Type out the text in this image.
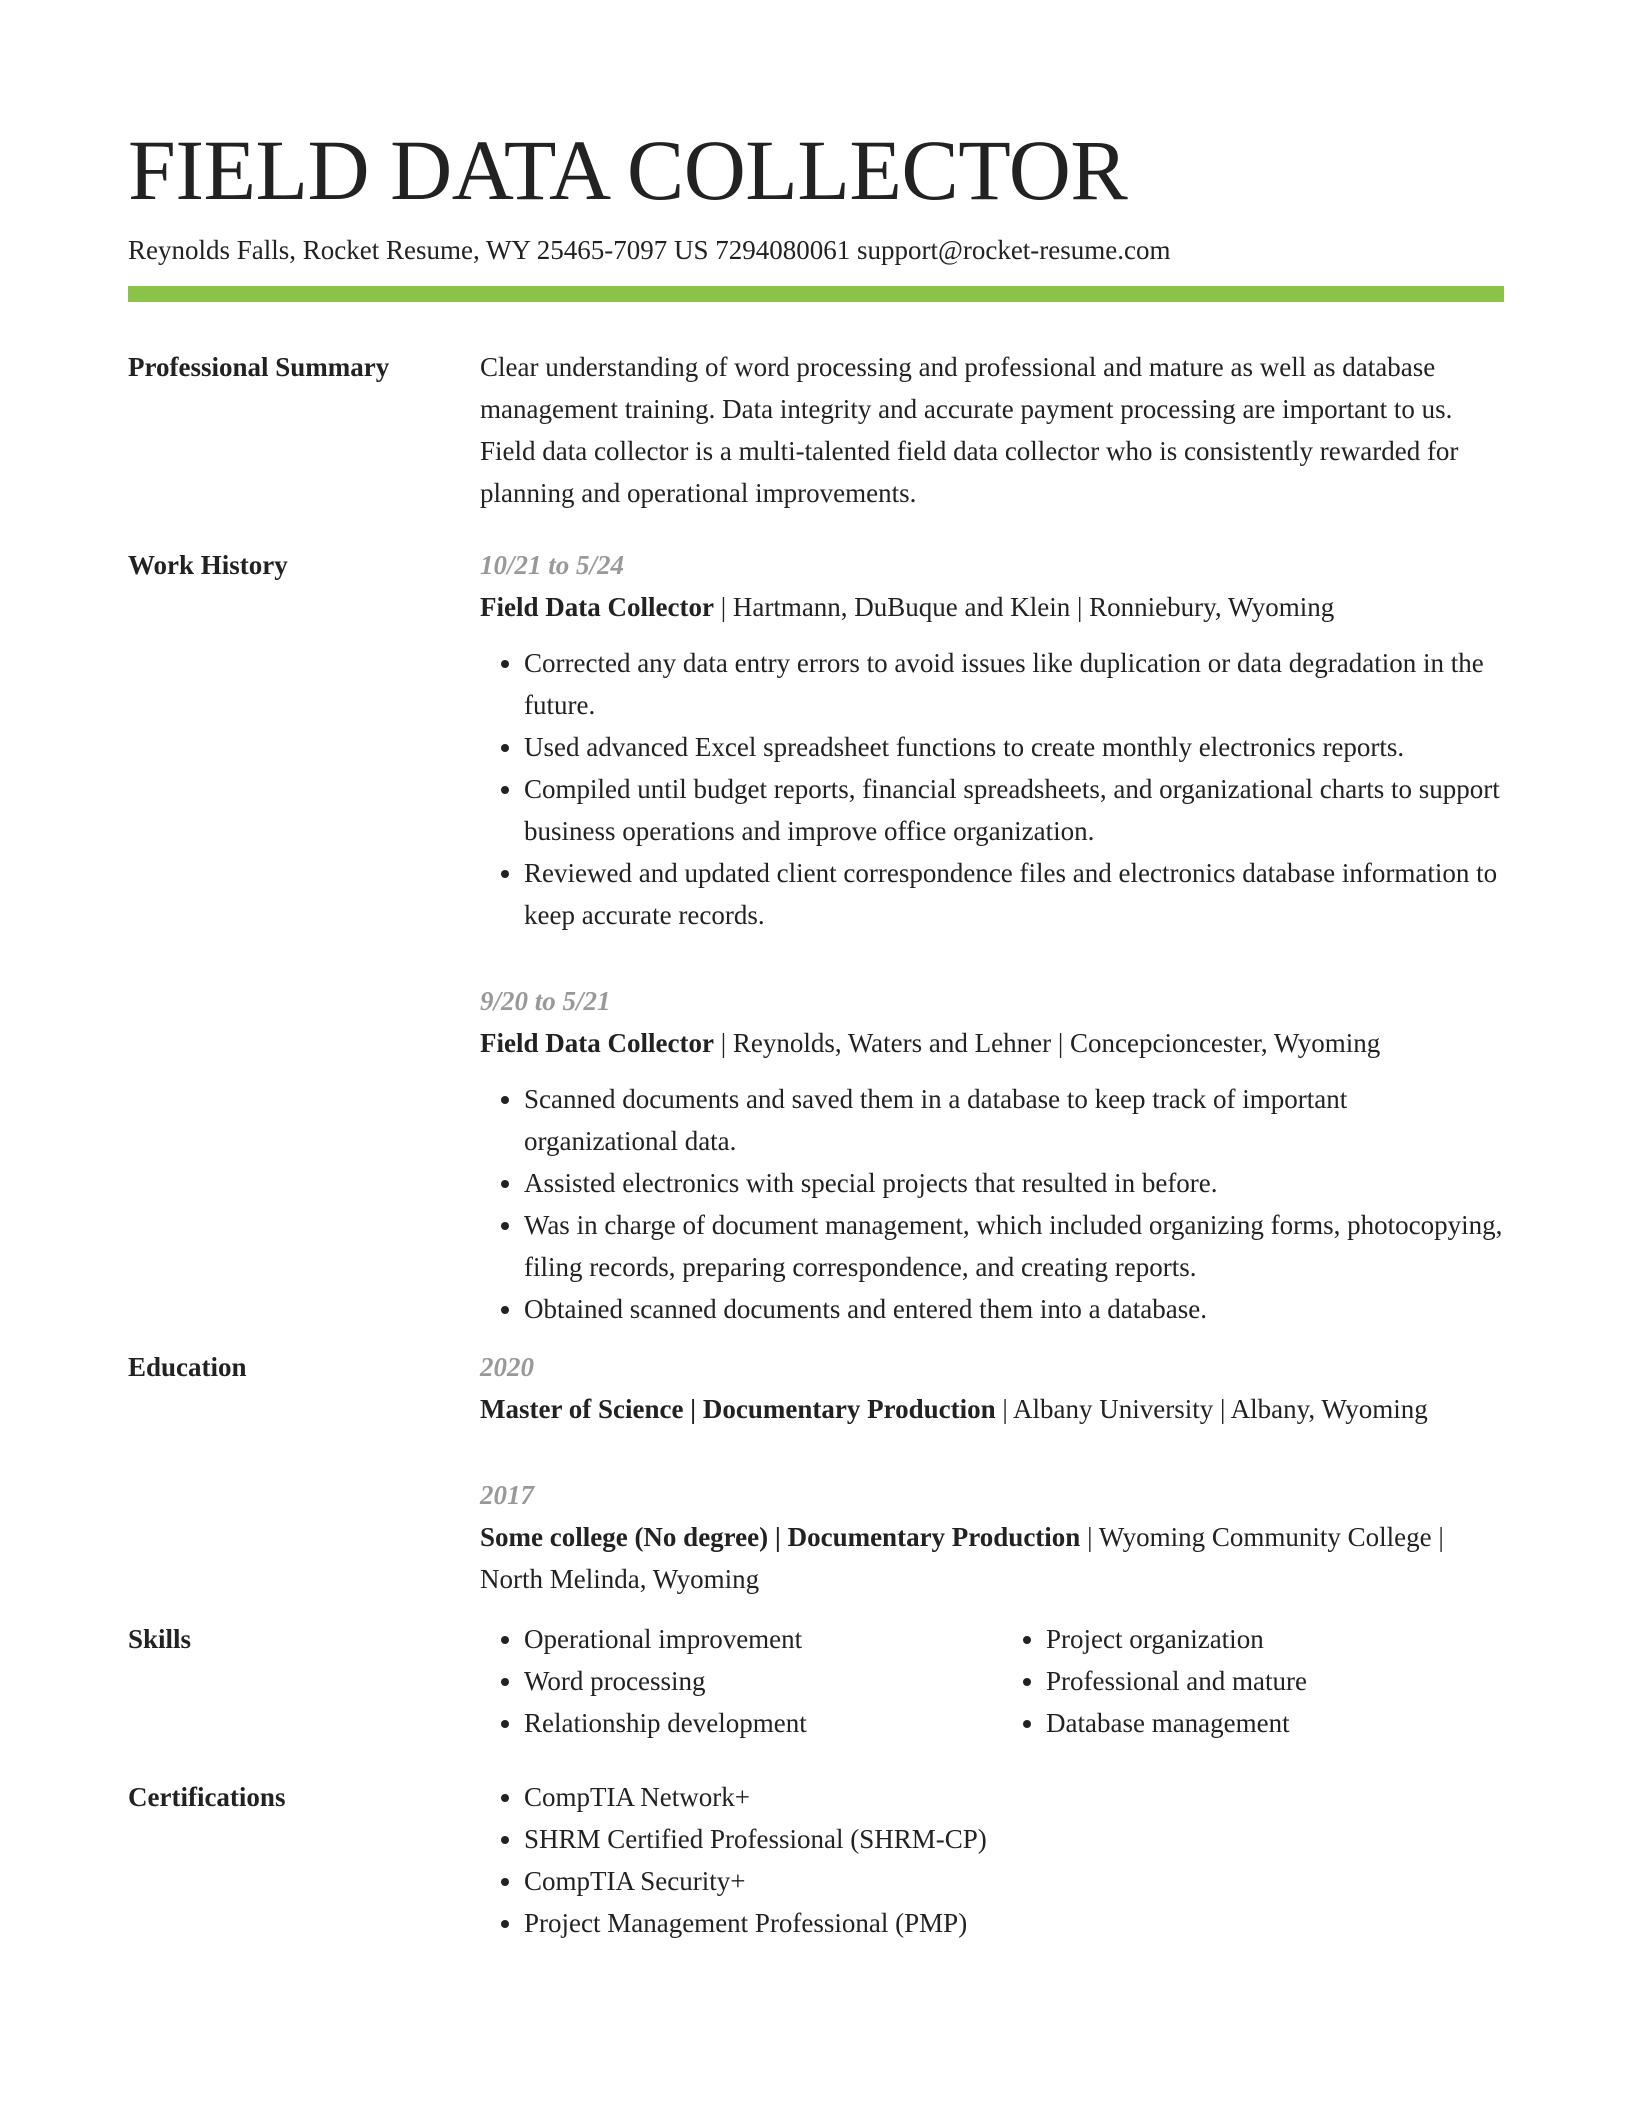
FIELD DATA COLLECTOR
Reynolds Falls, Rocket Resume, WY 25465-7097 US 7294080061 support@rocket-resume.com
Professional Summary	Clear understanding of word processing and professional and mature as well as database management training. Data integrity and accurate payment processing are important to us. Field data collector is a multi-talented field data collector who is consistently rewarded for planning and operational improvements.

Work History	10/21 to 5/24
Field Data Collector | Hartmann, DuBuque and Klein | Ronniebury, Wyoming
• Corrected any data entry errors to avoid issues like duplication or data degradation in the future.
• Used advanced Excel spreadsheet functions to create monthly electronics reports.
• Compiled until budget reports, financial spreadsheets, and organizational charts to support business operations and improve office organization.
• Reviewed and updated client correspondence files and electronics database information to keep accurate records.
9/20 to 5/21
Field Data Collector | Reynolds, Waters and Lehner | Concepcioncester, Wyoming
• Scanned documents and saved them in a database to keep track of important organizational data.
• Assisted electronics with special projects that resulted in before.
• Was in charge of document management, which included organizing forms, photocopying, filing records, preparing correspondence, and creating reports.
• Obtained scanned documents and entered them into a database.
Education	2020
Master of Science | Documentary Production | Albany University | Albany, Wyoming
2017
Some college (No degree) | Documentary Production | Wyoming Community College | North Melinda, Wyoming
Skills	• Operational improvement
• Word processing
• Relationship development
• Project organization
• Professional and mature
• Database management
Certifications	• CompTIA Network+
• SHRM Certified Professional (SHRM-CP)
• CompTIA Security+
• Project Management Professional (PMP)
